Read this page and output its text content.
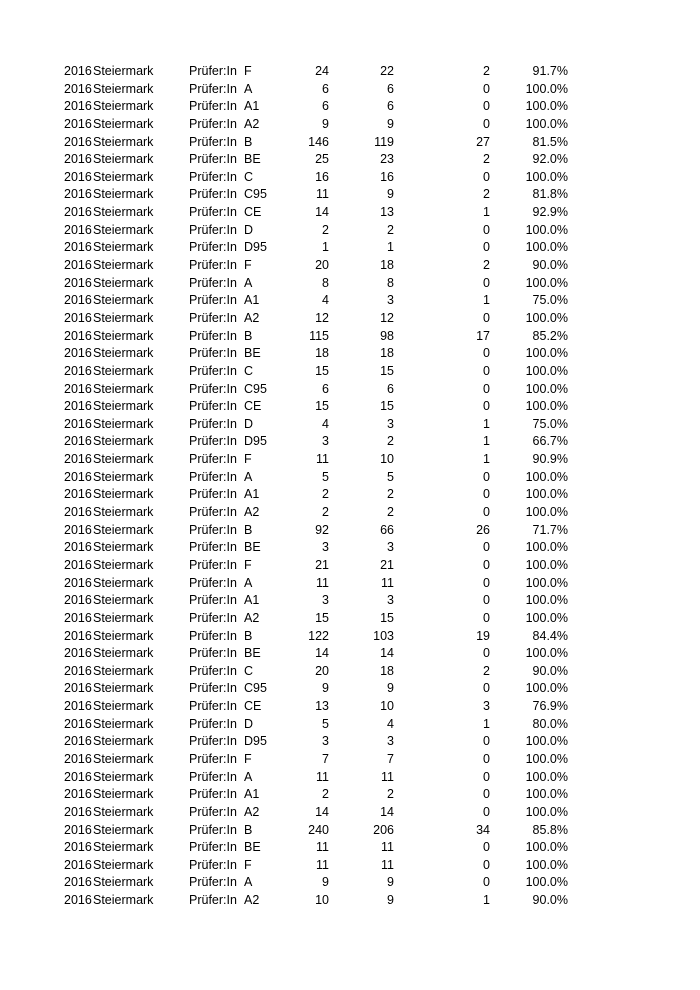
2016 Steiermark	Prüfer:In F	24	22	2	91.7%
2016 Steiermark	Prüfer:In A	6	6	0	100.0%
2016 Steiermark	Prüfer:In A1	6	6	0	100.0%
2016 Steiermark	Prüfer:In A2	9	9	0	100.0%
2016 Steiermark	Prüfer:In B	146	119	27	81.5%
2016 Steiermark	Prüfer:In BE	25	23	2	92.0%
2016 Steiermark	Prüfer:In C	16	16	0	100.0%
2016 Steiermark	Prüfer:In C95	11	9	2	81.8%
2016 Steiermark	Prüfer:In CE	14	13	1	92.9%
2016 Steiermark	Prüfer:In D	2	2	0	100.0%
2016 Steiermark	Prüfer:In D95	1	1	0	100.0%
2016 Steiermark	Prüfer:In F	20	18	2	90.0%
2016 Steiermark	Prüfer:In A	8	8	0	100.0%
2016 Steiermark	Prüfer:In A1	4	3	1	75.0%
2016 Steiermark	Prüfer:In A2	12	12	0	100.0%
2016 Steiermark	Prüfer:In B	115	98	17	85.2%
2016 Steiermark	Prüfer:In BE	18	18	0	100.0%
2016 Steiermark	Prüfer:In C	15	15	0	100.0%
2016 Steiermark	Prüfer:In C95	6	6	0	100.0%
2016 Steiermark	Prüfer:In CE	15	15	0	100.0%
2016 Steiermark	Prüfer:In D	4	3	1	75.0%
2016 Steiermark	Prüfer:In D95	3	2	1	66.7%
2016 Steiermark	Prüfer:In F	11	10	1	90.9%
2016 Steiermark	Prüfer:In A	5	5	0	100.0%
2016 Steiermark	Prüfer:In A1	2	2	0	100.0%
2016 Steiermark	Prüfer:In A2	2	2	0	100.0%
2016 Steiermark	Prüfer:In B	92	66	26	71.7%
2016 Steiermark	Prüfer:In BE	3	3	0	100.0%
2016 Steiermark	Prüfer:In F	21	21	0	100.0%
2016 Steiermark	Prüfer:In A	11	11	0	100.0%
2016 Steiermark	Prüfer:In A1	3	3	0	100.0%
2016 Steiermark	Prüfer:In A2	15	15	0	100.0%
2016 Steiermark	Prüfer:In B	122	103	19	84.4%
2016 Steiermark	Prüfer:In BE	14	14	0	100.0%
2016 Steiermark	Prüfer:In C	20	18	2	90.0%
2016 Steiermark	Prüfer:In C95	9	9	0	100.0%
2016 Steiermark	Prüfer:In CE	13	10	3	76.9%
2016 Steiermark	Prüfer:In D	5	4	1	80.0%
2016 Steiermark	Prüfer:In D95	3	3	0	100.0%
2016 Steiermark	Prüfer:In F	7	7	0	100.0%
2016 Steiermark	Prüfer:In A	11	11	0	100.0%
2016 Steiermark	Prüfer:In A1	2	2	0	100.0%
2016 Steiermark	Prüfer:In A2	14	14	0	100.0%
2016 Steiermark	Prüfer:In B	240	206	34	85.8%
2016 Steiermark	Prüfer:In BE	11	11	0	100.0%
2016 Steiermark	Prüfer:In F	11	11	0	100.0%
2016 Steiermark	Prüfer:In A	9	9	0	100.0%
2016 Steiermark	Prüfer:In A2	10	9	1	90.0%
